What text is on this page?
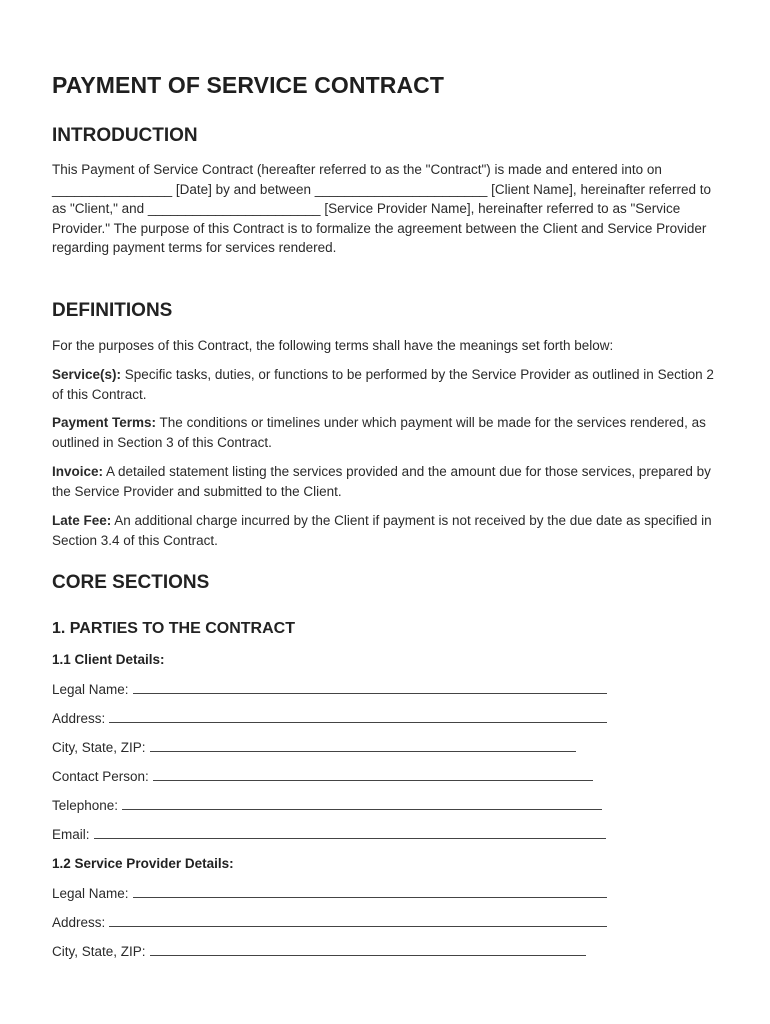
PAYMENT OF SERVICE CONTRACT
INTRODUCTION

This Payment of Service Contract (hereafter referred to as the "Contract") is made and entered into on ________________ [Date] by and between _______________________ [Client Name], hereinafter referred to as "Client," and _______________________ [Service Provider Name], hereinafter referred to as "Service Provider." The purpose of this Contract is to formalize the agreement between the Client and Service Provider regarding payment terms for services rendered.

DEFINITIONS

For the purposes of this Contract, the following terms shall have the meanings set forth below:

Service(s): Specific tasks, duties, or functions to be performed by the Service Provider as outlined in Section 2 of this Contract.

Payment Terms: The conditions or timelines under which payment will be made for the services rendered, as outlined in Section 3 of this Contract.

Invoice: A detailed statement listing the services provided and the amount due for those services, prepared by the Service Provider and submitted to the Client.

Late Fee: An additional charge incurred by the Client if payment is not received by the due date as specified in Section 3.4 of this Contract.

CORE SECTIONS
1. PARTIES TO THE CONTRACT
1.1 Client Details:
Legal Name:
Address:
City, State, ZIP:
Contact Person:
Telephone:
Email:
1.2 Service Provider Details:
Legal Name:
Address:
City, State, ZIP:
